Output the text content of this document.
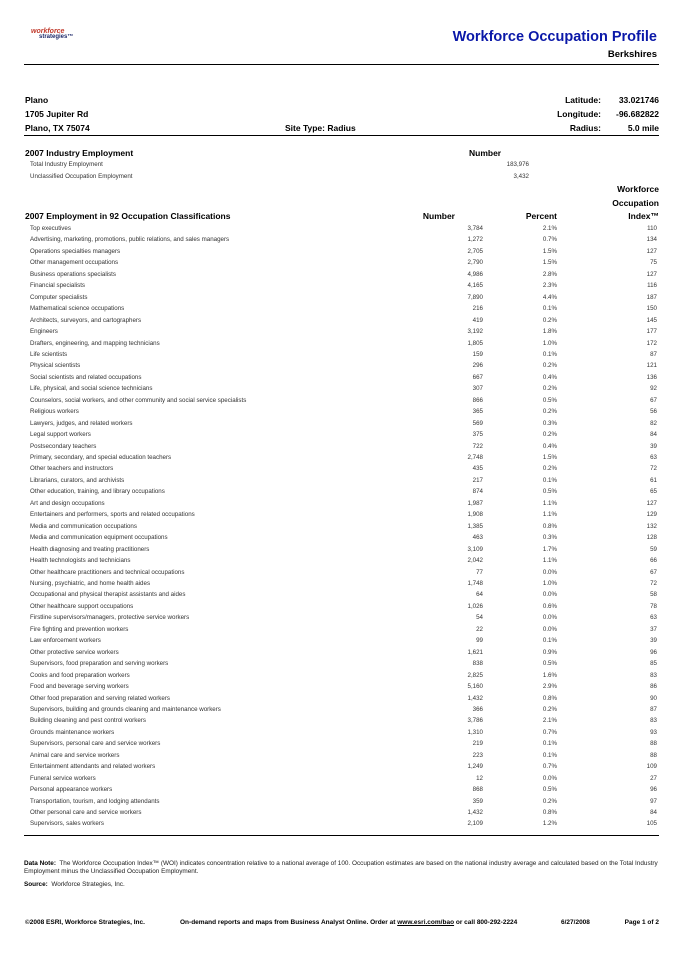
workforce
strategies™	Workforce Occupation Profile
Berkshires
Plano
1705 Jupiter Rd
Plano, TX 75074	Site Type: Radius
Latitude: 33.021746
Longitude: -96.682822
Radius:	5.0 mile
2007 Industry Employment	Number
Total Industry Employment	183,976
Unclassified Occupation Employment	3,432
Workforce
Occupation
2007 Employment in 92 Occupation Classifications	Number	Percent	Index™
Top executives	3,784	2.1%	110
Advertising, marketing, promotions, public relations, and sales managers	1,272	0.7%	134
Operations specialties managers	2,705	1.5%	127
Other management occupations	2,790	1.5%	75
Business operations specialists	4,986	2.8%	127
Financial specialists	4,165	2.3%	116
Computer specialists	7,890	4.4%	187
Mathematical science occupations	216	0.1%	150
Architects, surveyors, and cartographers	419	0.2%	145
Engineers	3,192	1.8%	177
Drafters, engineering, and mapping technicians	1,805	1.0%	172
Life scientists	159	0.1%	87
Physical scientists	296	0.2%	121
Social scientists and related occupations	667	0.4%	136
Life, physical, and social science technicians	307	0.2%	92
Counselors, social workers, and other community and social service specialists	866	0.5%	67
Religious workers	365	0.2%	56
Lawyers, judges, and related workers	569	0.3%	82
Legal support workers	375	0.2%	84
Postsecondary teachers	722	0.4%	39
Primary, secondary, and special education teachers	2,748	1.5%	63
Other teachers and instructors	435	0.2%	72
Librarians, curators, and archivists	217	0.1%	61
Other education, training, and library occupations	874	0.5%	65
Art and design occupations	1,987	1.1%	127
Entertainers and performers, sports and related occupations	1,908	1.1%	129
Media and communication occupations	1,385	0.8%	132
Media and communication equipment occupations	463	0.3%	128
Health diagnosing and treating practitioners	3,109	1.7%	59
Health technologists and technicians	2,042	1.1%	66
Other healthcare practitioners and technical occupations	77	0.0%	67
Nursing, psychiatric, and home health aides	1,748	1.0%	72
Occupational and physical therapist assistants and aides	64	0.0%	58
Other healthcare support occupations	1,026	0.6%	78
Firstline supervisors/managers, protective service workers	54	0.0%	63
Fire fighting and prevention workers	22	0.0%	37
Law enforcement workers	99	0.1%	39
Other protective service workers	1,621	0.9%	96
Supervisors, food preparation and serving workers	838	0.5%	85
Cooks and food preparation workers	2,825	1.6%	83
Food and beverage serving workers	5,160	2.9%	86
Other food preparation and serving related workers	1,432	0.8%	90
Supervisors, building and grounds cleaning and maintenance workers	366	0.2%	87
Building cleaning and pest control workers	3,786	2.1%	83
Grounds maintenance workers	1,310	0.7%	93
Supervisors, personal care and service workers	219	0.1%	88
Animal care and service workers	223	0.1%	88
Entertainment attendants and related workers	1,249	0.7%	109
Funeral service workers	12	0.0%	27
Personal appearance workers	868	0.5%	96
Transportation, tourism, and lodging attendants	359	0.2%	97
Other personal care and service workers	1,432	0.8%	84
Supervisors, sales workers	2,109	1.2%	105
Data Note: The Workforce Occupation Index™ (WOI) indicates concentration relative to a national average of 100. Occupation estimates are based on the national industry average and calculated based on the Total Industry Employment minus the Unclassified Occupation Employment.
Source: Workforce Strategies, Inc.
©2008 ESRI, Workforce Strategies, Inc.	On-demand reports and maps from Business Analyst Online. Order at www.esri.com/bao or call 800-292-2224	6/27/2008	Page 1 of 2
